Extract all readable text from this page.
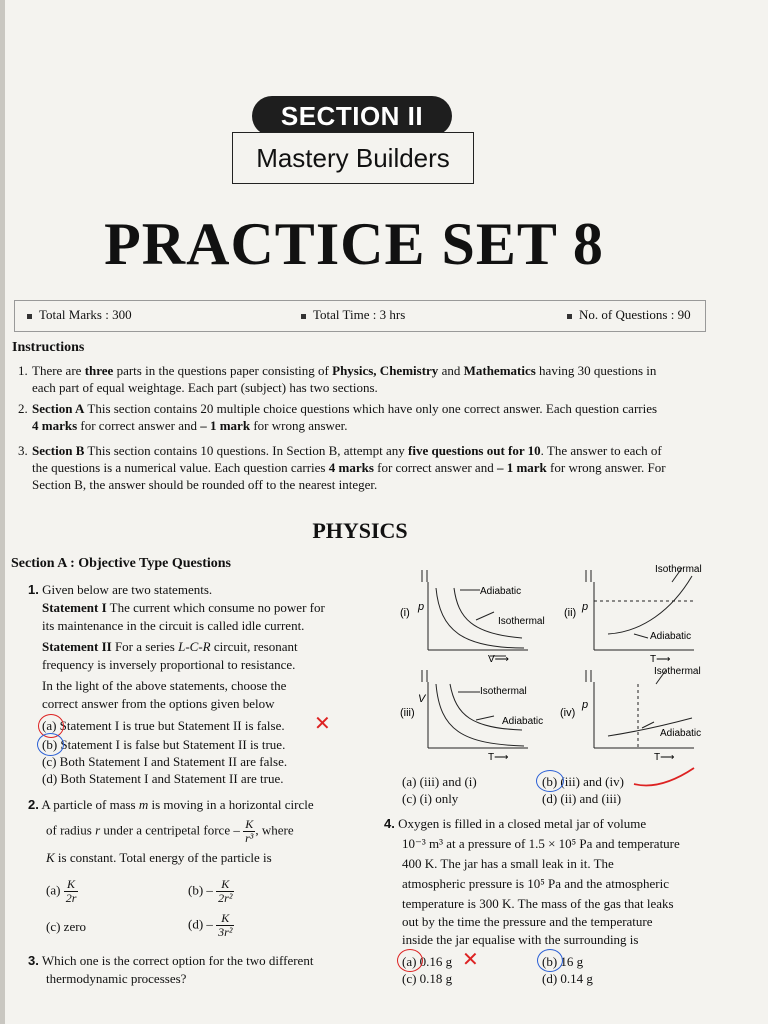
SECTION II
Mastery Builders
PRACTICE SET 8
Total Marks : 300	Total Time : 3 hrs	No. of Questions : 90
Instructions
1. There are three parts in the questions paper consisting of Physics, Chemistry and Mathematics having 30 questions in
each part of equal weightage. Each part (subject) has two sections.
2. Section A This section contains 20 multiple choice questions which have only one correct answer. Each question carries
4 marks for correct answer and – 1 mark for wrong answer.
3. Section B This section contains 10 questions. In Section B, attempt any five questions out for 10. The answer to each of
the questions is a numerical value. Each question carries 4 marks for correct answer and – 1 mark for wrong answer. For
Section B, the answer should be rounded off to the nearest integer.
PHYSICS
Section A : Objective Type Questions
1. Given below are two statements.
Statement I The current which consume no power for
its maintenance in the circuit is called idle current.
Statement II For a series L-C-R circuit, resonant
frequency is inversely proportional to resistance.
In the light of the above statements, choose the
correct answer from the options given below
(a) Statement I is true but Statement II is false.
(b) Statement I is false but Statement II is true.
(c) Both Statement I and Statement II are false.
(d) Both Statement I and Statement II are true.
✕
2. A particle of mass m is moving in a horizontal circle
of radius r under a centripetal force – $\frac{K}{\text{r³}}$ , where
K is constant. Total energy of the particle is
$(a) \frac{K}{2r}$	$(b) - \frac{K}{\text{2r²}}$
(c) zero	$(d) - \frac{K}{\text{3r²}}$
3. Which one is the correct option for the two different
thermodynamic processes?
(i) p
Adiabatic
Isothermal
(ii) p
Isothermal
Adiabatic
T⟶
V⟶
(iii)
V
Isothermal
Adiabatic
T⟶
(iv)
p
Isothermal
Adiabatic
T⟶
(a) (iii) and (i)	(b) (iii) and (iv)
(c) (i) only	(d) (ii) and (iii)
4. Oxygen is filled in a closed metal jar of volume
10⁻³ m³ at a pressure of 1.5 × 10⁵ Pa and temperature
400 K. The jar has a small leak in it. The
atmospheric pressure is 10⁵ Pa and the atmospheric
temperature is 300 K. The mass of the gas that leaks
out by the time the pressure and the temperature
inside the jar equalise with the surrounding is
(a) 0.16 g	(b) 16 g
(c) 0.18 g	(d) 0.14 g
✕
